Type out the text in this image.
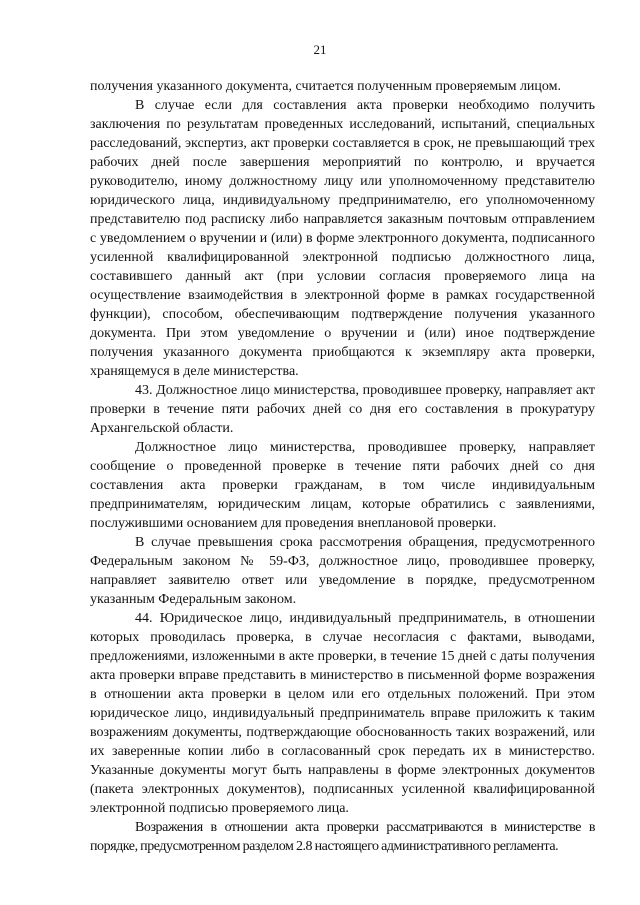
21

получения указанного документа, считается полученным проверяемым лицом.

В случае если для составления акта проверки необходимо получить заключения по результатам проведенных исследований, испытаний, специальных расследований, экспертиз, акт проверки составляется в срок, не превышающий трех рабочих дней после завершения мероприятий по контролю, и вручается руководителю, иному должностному лицу или уполномоченному представителю юридического лица, индивидуальному предпринимателю, его уполномоченному представителю под расписку либо направляется заказным почтовым отправлением с уведомлением о вручении и (или) в форме электронного документа, подписанного усиленной квалифицированной электронной подписью должностного лица, составившего данный акт (при условии согласия проверяемого лица на осуществление взаимодействия в электронной форме в рамках государственной функции), способом, обеспечивающим подтверждение получения указанного документа. При этом уведомление о вручении и (или) иное подтверждение получения указанного документа приобщаются к экземпляру акта проверки, хранящемуся в деле министерства.

43. Должностное лицо министерства, проводившее проверку, направляет акт проверки в течение пяти рабочих дней со дня его составления в прокуратуру Архангельской области.

Должностное лицо министерства, проводившее проверку, направляет сообщение о проведенной проверке в течение пяти рабочих дней со дня составления акта проверки гражданам, в том числе индивидуальным предпринимателям, юридическим лицам, которые обратились с заявлениями, послужившими основанием для проведения внеплановой проверки.

В случае превышения срока рассмотрения обращения, предусмотренного Федеральным законом № 59-ФЗ, должностное лицо, проводившее проверку, направляет заявителю ответ или уведомление в порядке, предусмотренном указанным Федеральным законом.

44. Юридическое лицо, индивидуальный предприниматель, в отношении которых проводилась проверка, в случае несогласия с фактами, выводами, предложениями, изложенными в акте проверки, в течение 15 дней с даты получения акта проверки вправе представить в министерство в письменной форме возражения в отношении акта проверки в целом или его отдельных положений. При этом юридическое лицо, индивидуальный предприниматель вправе приложить к таким возражениям документы, подтверждающие обоснованность таких возражений, или их заверенные копии либо в согласованный срок передать их в министерство. Указанные документы могут быть направлены в форме электронных документов (пакета электронных документов), подписанных усиленной квалифицированной электронной подписью проверяемого лица.

Возражения в отношении акта проверки рассматриваются в министерстве в порядке, предусмотренном разделом 2.8 настоящего административного регламента.
